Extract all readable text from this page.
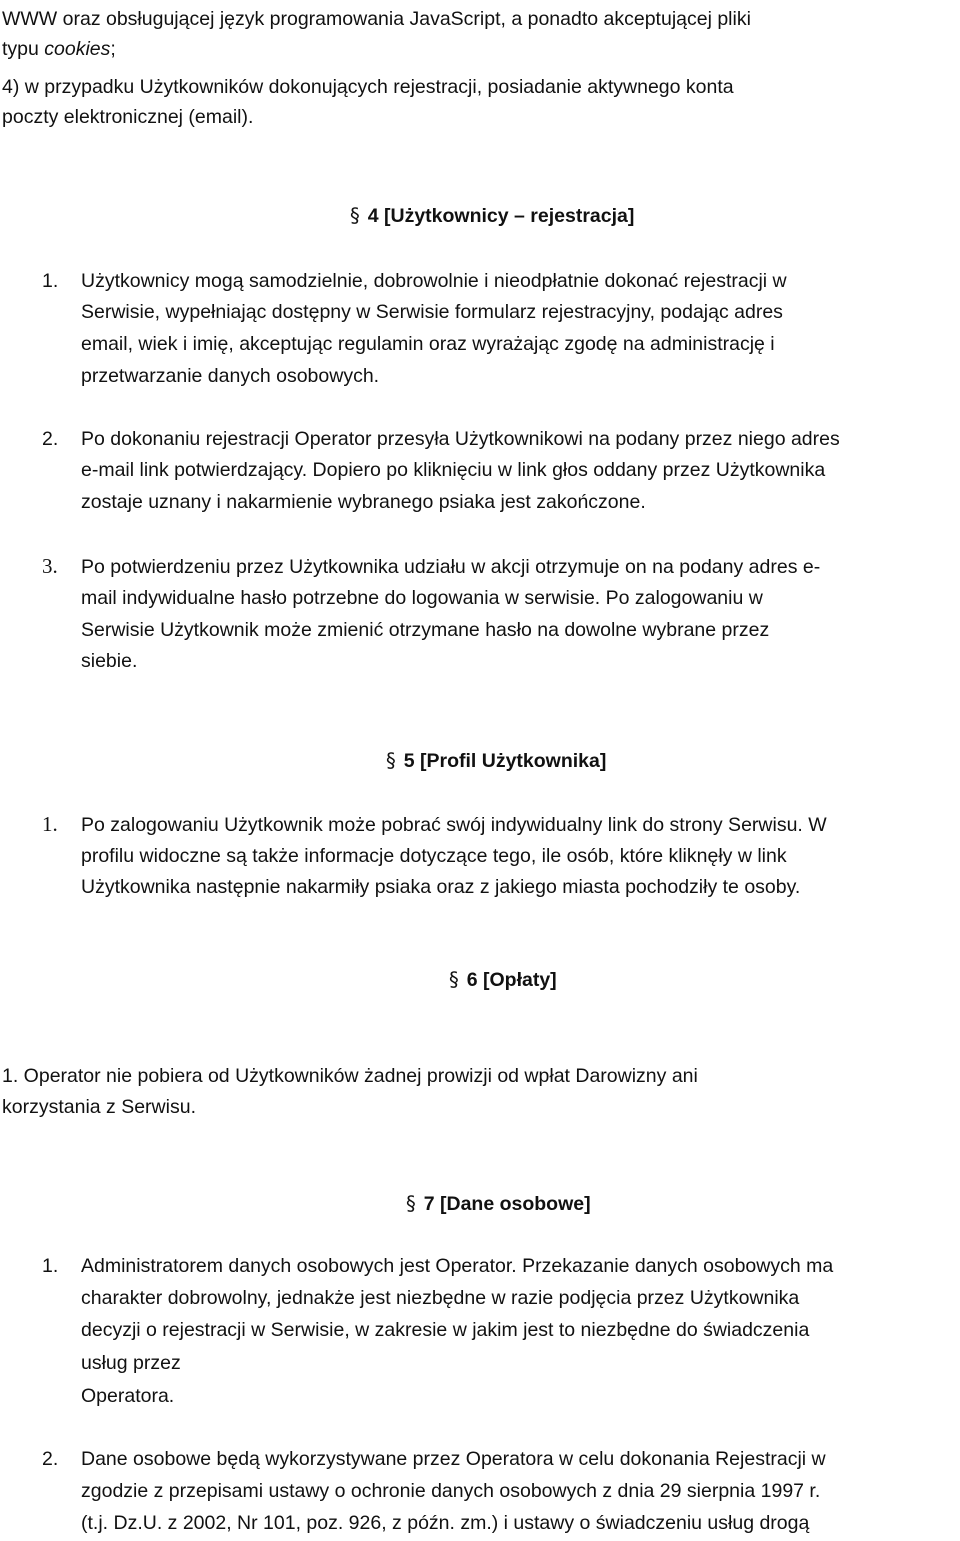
WWW oraz obsługującej język programowania JavaScript, a ponadto akceptującej pliki
typu cookies;
4) w przypadku Użytkowników dokonujących rejestracji, posiadanie aktywnego konta
poczty elektronicznej (email).
§ 4 [Użytkownicy – rejestracja]
1. Użytkownicy mogą samodzielnie, dobrowolnie i nieodpłatnie dokonać rejestracji w
Serwisie, wypełniając dostępny w Serwisie formularz rejestracyjny, podając adres
email, wiek i imię, akceptując regulamin oraz wyrażając zgodę na administrację i
przetwarzanie danych osobowych.
2. Po dokonaniu rejestracji Operator przesyła Użytkownikowi na podany przez niego adres
e-mail link potwierdzający. Dopiero po kliknięciu w link głos oddany przez Użytkownika
zostaje uznany i nakarmienie wybranego psiaka jest zakończone.
3. Po potwierdzeniu przez Użytkownika udziału w akcji otrzymuje on na podany adres e-
mail indywidualne hasło potrzebne do logowania w serwisie. Po zalogowaniu w
Serwisie Użytkownik może zmienić otrzymane hasło na dowolne wybrane przez
siebie.
§ 5 [Profil Użytkownika]
1. Po zalogowaniu Użytkownik może pobrać swój indywidualny link do strony Serwisu. W
profilu widoczne są także informacje dotyczące tego, ile osób, które kliknęły w link
Użytkownika następnie nakarmiły psiaka oraz z jakiego miasta pochodziły te osoby.
§ 6 [Opłaty]
1. Operator nie pobiera od Użytkowników żadnej prowizji od wpłat Darowizny ani
korzystania z Serwisu.
§ 7 [Dane osobowe]
1. Administratorem danych osobowych jest Operator. Przekazanie danych osobowych ma
charakter dobrowolny, jednakże jest niezbędne w razie podjęcia przez Użytkownika
decyzji o rejestracji w Serwisie, w zakresie w jakim jest to niezbędne do świadczenia
usług przez
Operatora.
2. Dane osobowe będą wykorzystywane przez Operatora w celu dokonania Rejestracji w
zgodzie z przepisami ustawy o ochronie danych osobowych z dnia 29 sierpnia 1997 r.
(t.j. Dz.U. z 2002, Nr 101, poz. 926, z późn. zm.) i ustawy o świadczeniu usług drogą
